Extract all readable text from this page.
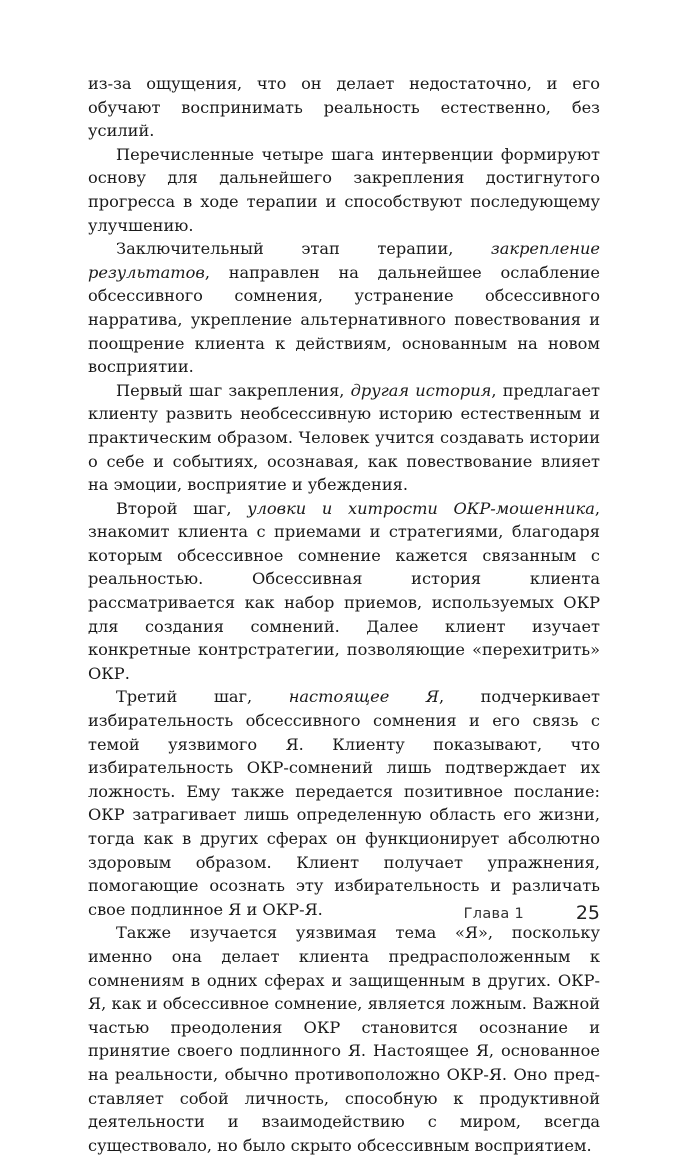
из-за ощущения, что он делает недостаточно, и его обучают воспринимать реальность естественно, без усилий.

Перечисленные четыре шага интервенции формируют основу для дальнейшего закрепления достигнутого прогресса в ходе терапии и способствуют последующему улучшению.

Заключительный этап терапии, закрепление результатов, направлен на дальнейшее ослабление обсессивного сомнения, устранение обсессивного нарратива, укрепление альтернативного повествования и поощрение клиента к действиям, основанным на новом восприятии.

Первый шаг закрепления, другая история, предлагает клиенту развить необсессивную историю естественным и практическим образом. Человек учится создавать истории о себе и событиях, осознавая, как повествование влияет на эмоции, восприятие и убеждения.

Второй шаг, уловки и хитрости ОКР-мошенника, знакомит клиента с приемами и стратегиями, благодаря которым обсессивное сомнение кажется связанным с реальностью. Обсессивная история клиента рассматривается как набор приемов, используемых ОКР для создания сомнений. Далее клиент изучает конкретные контрстратегии, позволяющие «перехитрить» ОКР.

Третий шаг, настоящее Я, подчеркивает избирательность обсессивного сомнения и его связь с темой уязвимого Я. Клиенту показывают, что избирательность ОКР-сомнений лишь подтверждает их ложность. Ему также передается позитивное послание: ОКР затрагивает лишь определенную область его жизни, тогда как в других сферах он функционирует абсолютно здоровым образом. Клиент получает упражнения, помогающие осознать эту избирательность и различать свое подлинное Я и ОКР-Я.

Также изучается уязвимая тема «Я», поскольку именно она делает клиента предрасположенным к сомнениям в одних сферах и защищенным в других. ОКР-Я, как и обсессивное сомнение, является ложным. Важной частью преодоления ОКР становится осознание и принятие своего подлинного Я. Настоящее Я, основанное на реальности, обычно противоположно ОКР-Я. Оно представляет собой личность, способную к продуктивной деятельности и взаимодействию с миром, всегда существовало, но было скрыто обсессивным восприятием.

Глава 1	25
